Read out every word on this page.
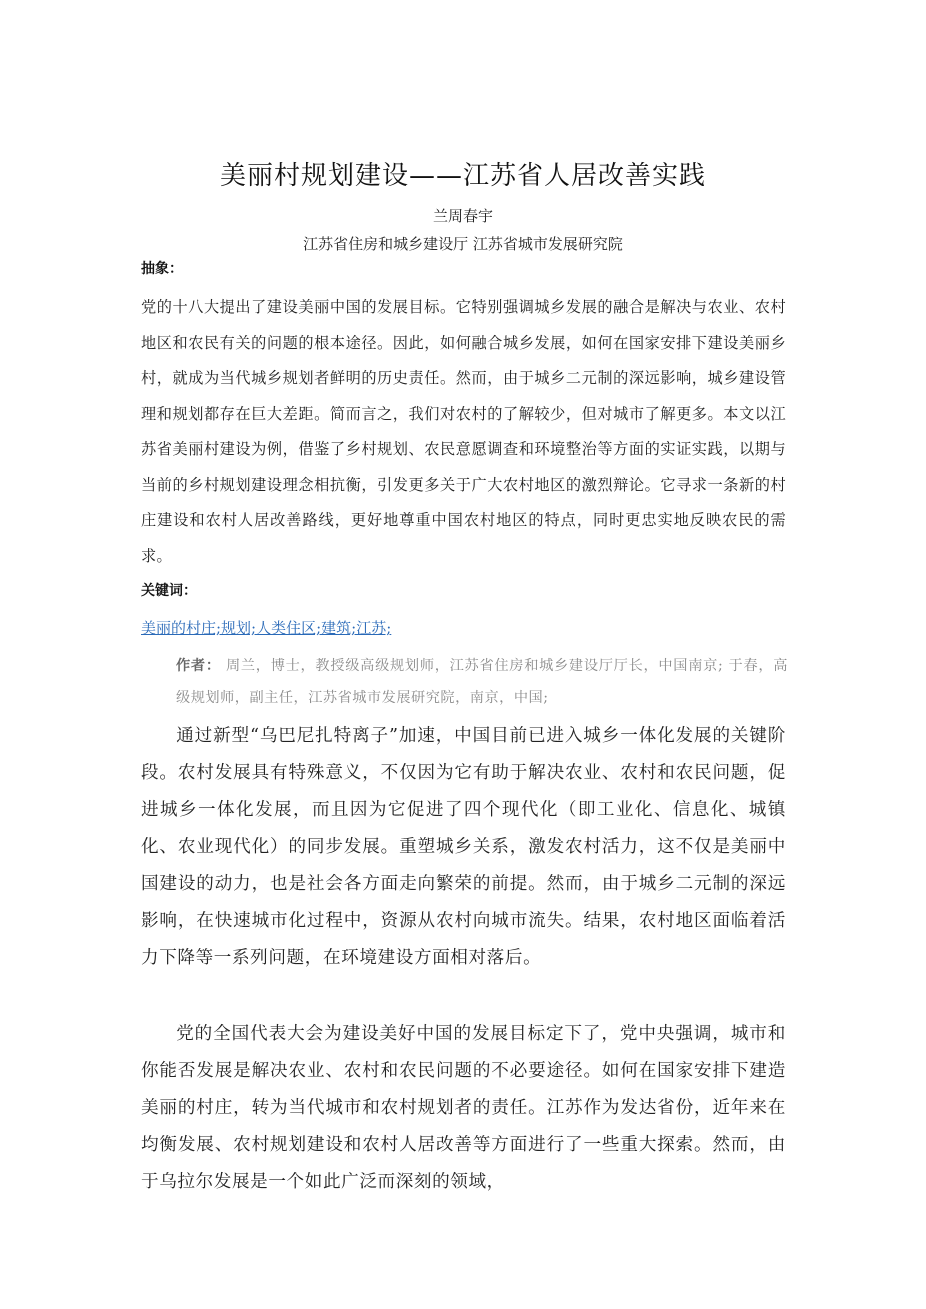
美丽村规划建设——江苏省人居改善实践
兰周春宇
江苏省住房和城乡建设厅 江苏省城市发展研究院
抽象：
党的十八大提出了建设美丽中国的发展目标。它特别强调城乡发展的融合是解决与农业、农村地区和农民有关的问题的根本途径。因此，如何融合城乡发展，如何在国家安排下建设美丽乡村，就成为当代城乡规划者鲜明的历史责任。然而，由于城乡二元制的深远影响，城乡建设管理和规划都存在巨大差距。简而言之，我们对农村的了解较少，但对城市了解更多。本文以江苏省美丽村建设为例，借鉴了乡村规划、农民意愿调查和环境整治等方面的实证实践，以期与当前的乡村规划建设理念相抗衡，引发更多关于广大农村地区的激烈辩论。它寻求一条新的村庄建设和农村人居改善路线，更好地尊重中国农村地区的特点，同时更忠实地反映农民的需求。
关键词：
美丽的村庄;规划;人类住区;建筑;江苏;
作者： 周兰，博士，教授级高级规划师，江苏省住房和城乡建设厅厅长，中国南京; 于春，高级规划师，副主任，江苏省城市发展研究院，南京，中国;

通过新型“乌巴尼扎特离子”加速，中国目前已进入城乡一体化发展的关键阶段。农村发展具有特殊意义，不仅因为它有助于解决农业、农村和农民问题，促进城乡一体化发展，而且因为它促进了四个现代化（即工业化、信息化、城镇化、农业现代化）的同步发展。重塑城乡关系，激发农村活力，这不仅是美丽中国建设的动力，也是社会各方面走向繁荣的前提。然而，由于城乡二元制的深远影响，在快速城市化过程中，资源从农村向城市流失。结果，农村地区面临着活力下降等一系列问题，在环境建设方面相对落后。

党的全国代表大会为建设美好中国的发展目标定下了，党中央强调，城市和你能否发展是解决农业、农村和农民问题的不必要途径。如何在国家安排下建造美丽的村庄，转为当代城市和农村规划者的责任。江苏作为发达省份，近年来在均衡发展、农村规划建设和农村人居改善等方面进行了一些重大探索。然而，由于乌拉尔发展是一个如此广泛而深刻的领域，
